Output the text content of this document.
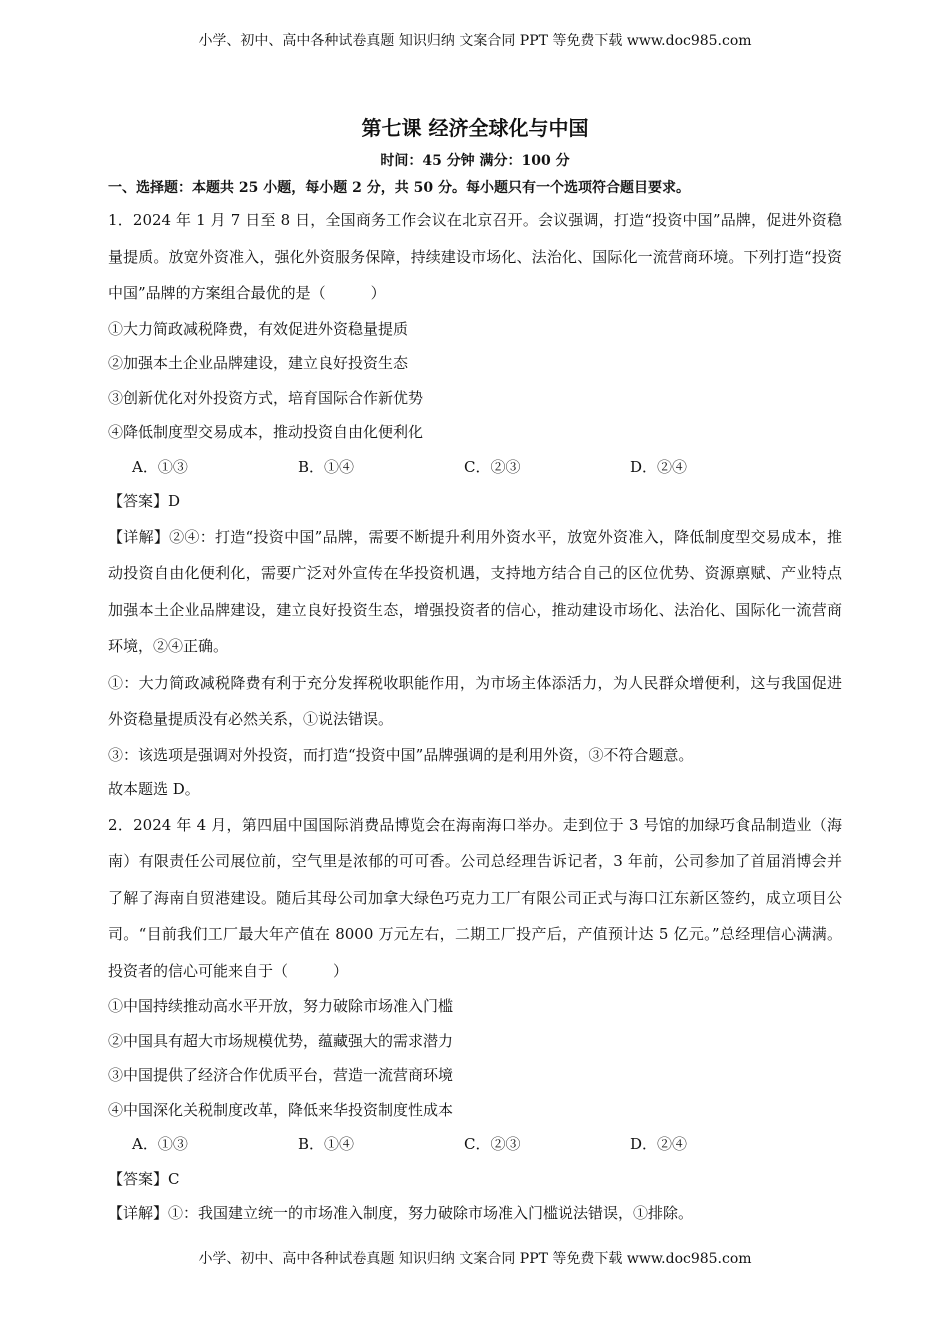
小学、初中、高中各种试卷真题 知识归纳 文案合同 PPT 等免费下载 www.doc985.com
第七课 经济全球化与中国
时间：45 分钟 满分：100 分
一、选择题：本题共 25 小题，每小题 2 分，共 50 分。每小题只有一个选项符合题目要求。

1．2024 年 1 月 7 日至 8 日，全国商务工作会议在北京召开。会议强调，打造“投资中国”品牌，促进外资稳量提质。放宽外资准入，强化外资服务保障，持续建设市场化、法治化、国际化一流营商环境。下列打造“投资中国”品牌的方案组合最优的是（　　　）

①大力简政减税降费，有效促进外资稳量提质

②加强本土企业品牌建设，建立良好投资生态

③创新优化对外投资方式，培育国际合作新优势

④降低制度型交易成本，推动投资自由化便利化

A．①③	B．①④	C．②③	D．②④

【答案】D

【详解】②④：打造“投资中国”品牌，需要不断提升利用外资水平，放宽外资准入，降低制度型交易成本，推动投资自由化便利化，需要广泛对外宣传在华投资机遇，支持地方结合自己的区位优势、资源禀赋、产业特点加强本土企业品牌建设，建立良好投资生态，增强投资者的信心，推动建设市场化、法治化、国际化一流营商环境，②④正确。

①：大力简政减税降费有利于充分发挥税收职能作用，为市场主体添活力，为人民群众增便利，这与我国促进外资稳量提质没有必然关系，①说法错误。

③：该选项是强调对外投资，而打造“投资中国”品牌强调的是利用外资，③不符合题意。

故本题选 D。

2．2024 年 4 月，第四届中国国际消费品博览会在海南海口举办。走到位于 3 号馆的加绿巧食品制造业（海南）有限责任公司展位前，空气里是浓郁的可可香。公司总经理告诉记者，3 年前，公司参加了首届消博会并了解了海南自贸港建设。随后其母公司加拿大绿色巧克力工厂有限公司正式与海口江东新区签约，成立项目公司。“目前我们工厂最大年产值在 8000 万元左右，二期工厂投产后，产值预计达 5 亿元。”总经理信心满满。投资者的信心可能来自于（　　　）

①中国持续推动高水平开放，努力破除市场准入门槛

②中国具有超大市场规模优势，蕴藏强大的需求潜力

③中国提供了经济合作优质平台，营造一流营商环境

④中国深化关税制度改革，降低来华投资制度性成本

A．①③	B．①④	C．②③	D．②④

【答案】C

【详解】①：我国建立统一的市场准入制度，努力破除市场准入门槛说法错误，①排除。

小学、初中、高中各种试卷真题 知识归纳 文案合同 PPT 等免费下载 www.doc985.com
